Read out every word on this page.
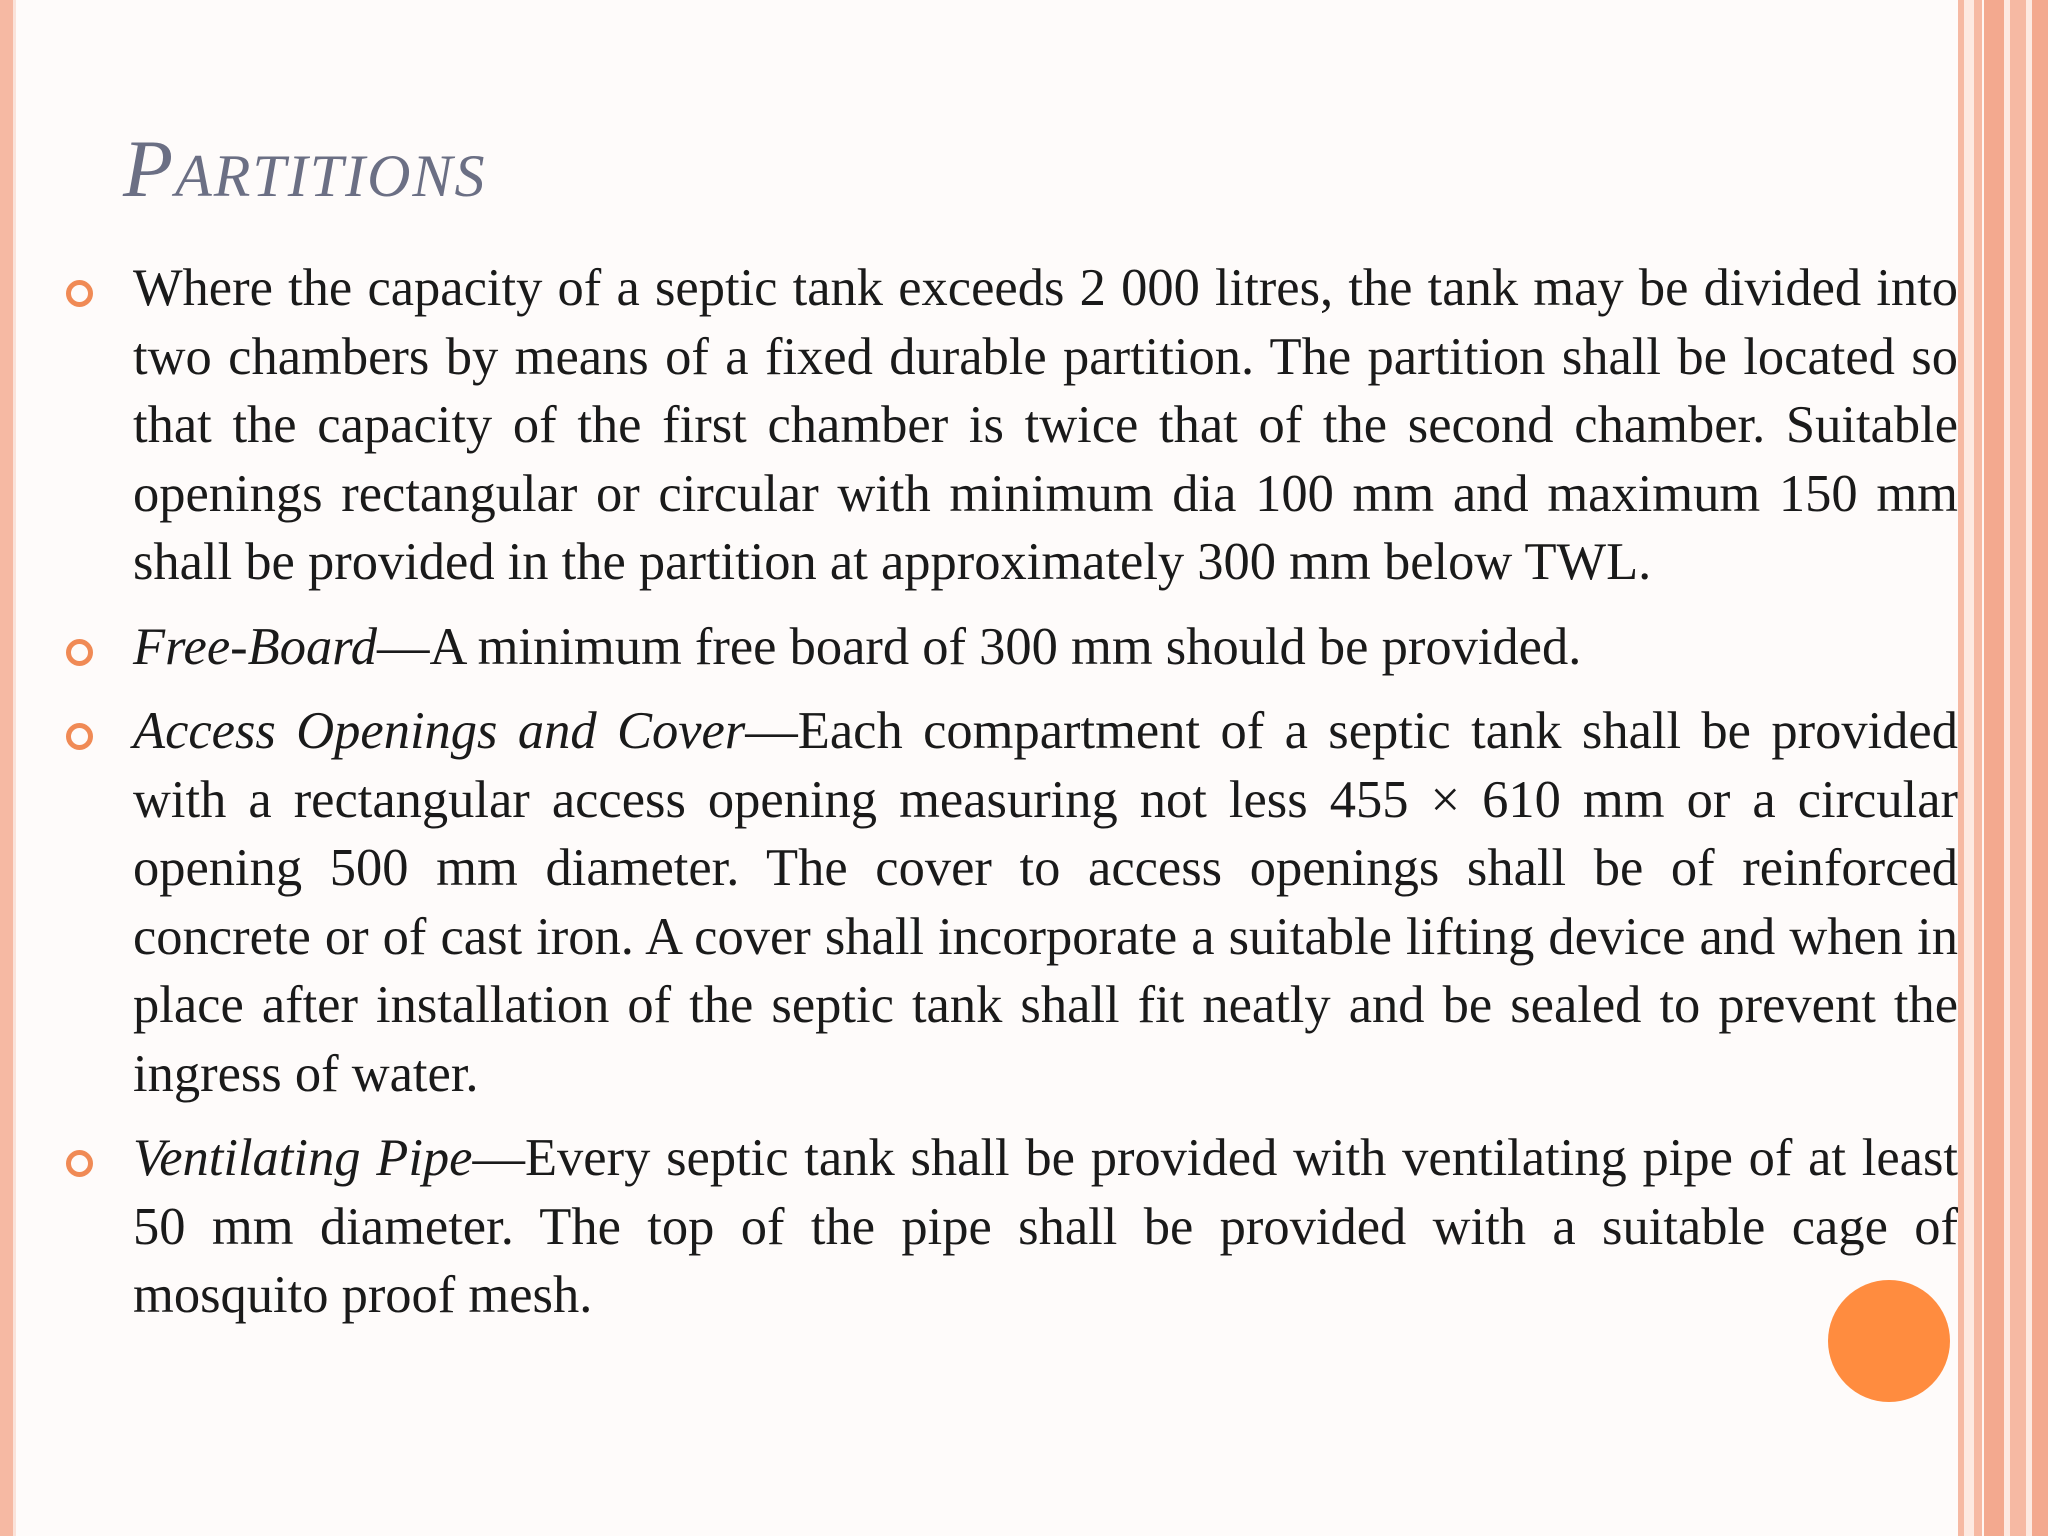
PARTITIONS
Where the capacity of a septic tank exceeds 2 000 litres, the tank may be divided into two chambers by means of a fixed durable partition. The partition shall be located so that the capacity of the first chamber is twice that of the second chamber. Suitable openings rectangular or circular with minimum dia 100 mm and maximum 150 mm shall be provided in the partition at approximately 300 mm below TWL.
Free-Board—A minimum free board of 300 mm should be provided.
Access Openings and Cover—Each compartment of a septic tank shall be provided with a rectangular access opening measuring not less 455 × 610 mm or a circular opening 500 mm diameter. The cover to access openings shall be of reinforced concrete or of cast iron. A cover shall incorporate a suitable lifting device and when in place after installation of the septic tank shall fit neatly and be sealed to prevent the ingress of water.
Ventilating Pipe—Every septic tank shall be provided with ventilating pipe of at least 50 mm diameter. The top of the pipe shall be provided with a suitable cage of mosquito proof mesh.
